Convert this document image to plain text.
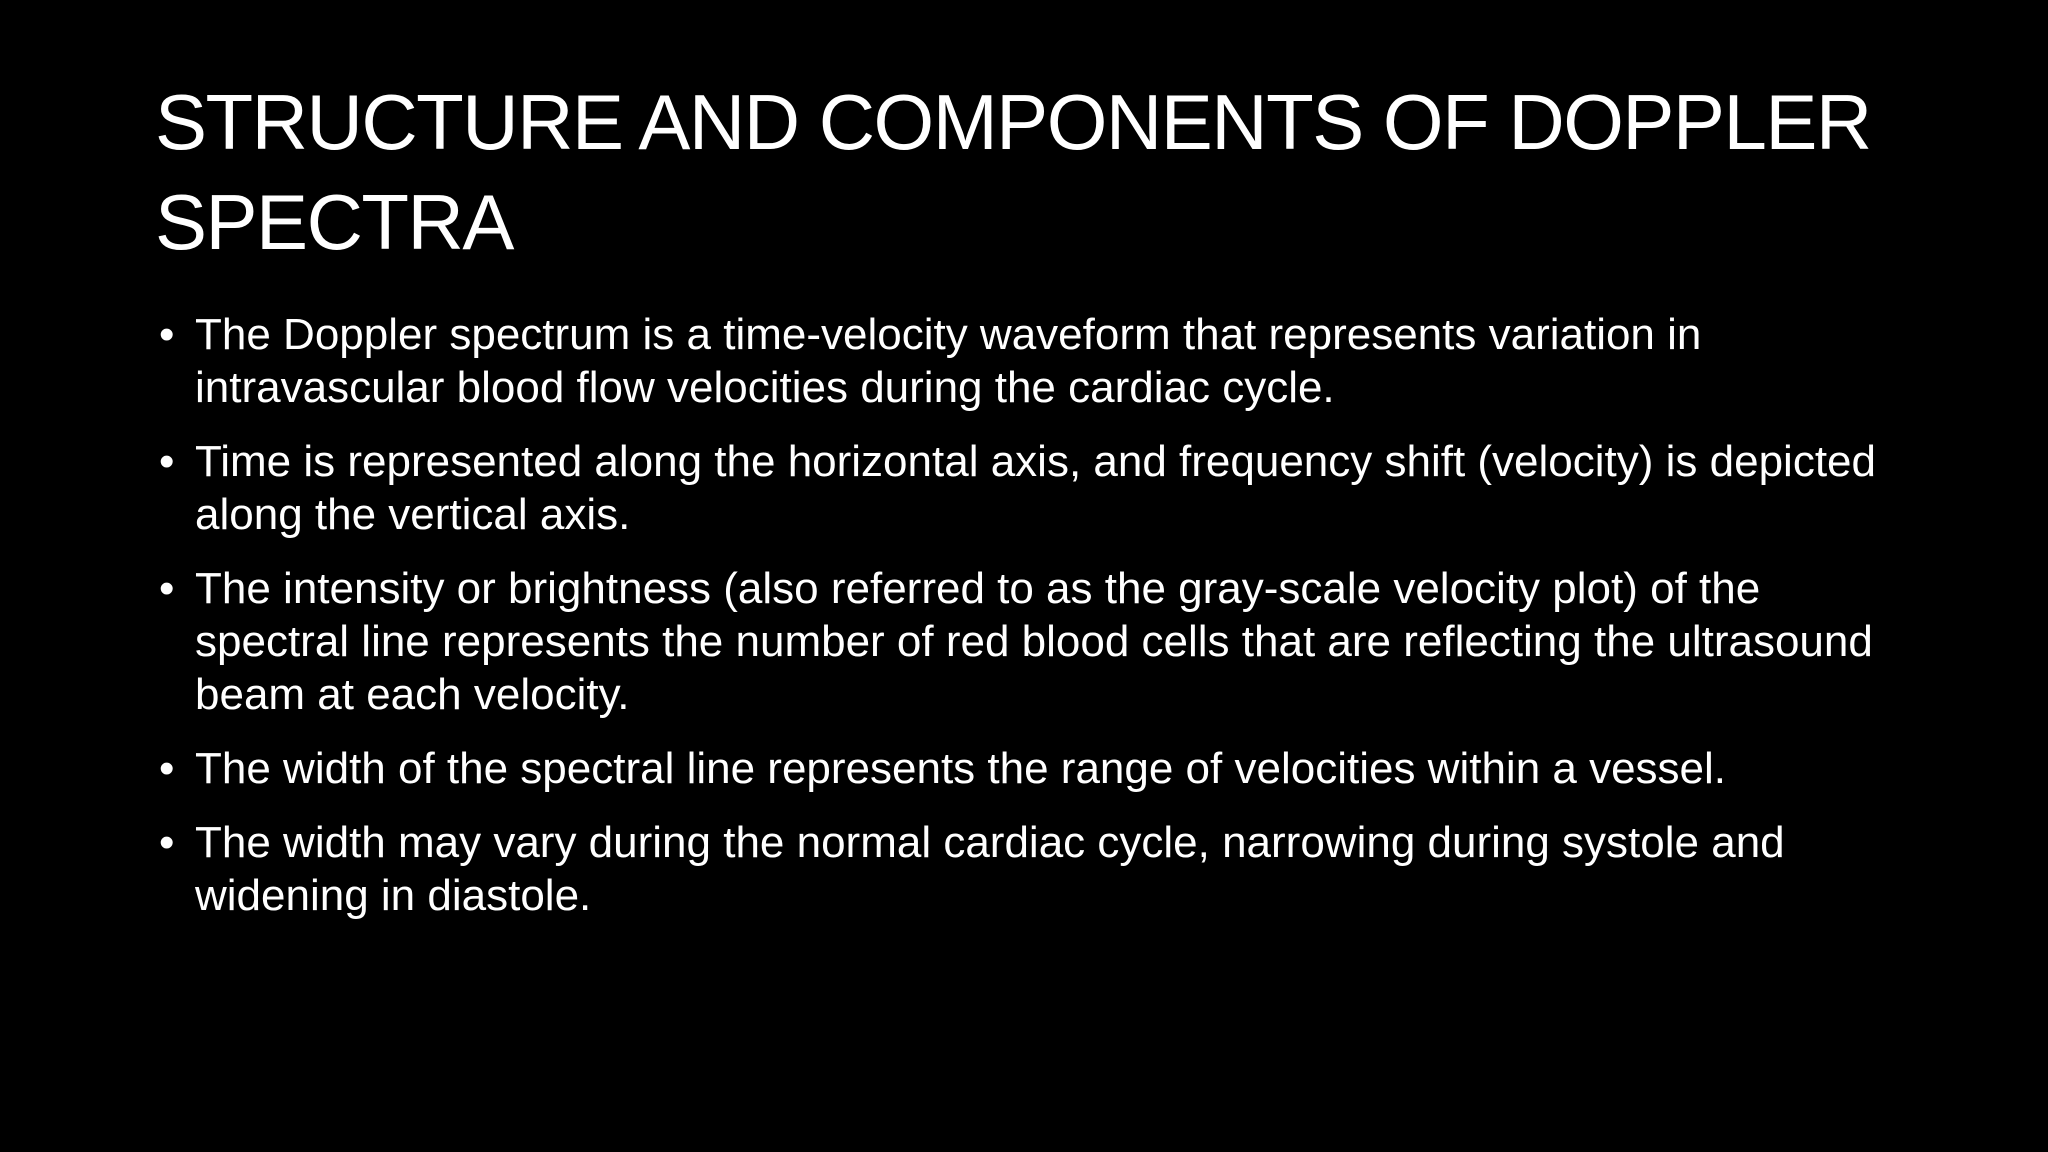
STRUCTURE AND COMPONENTS OF DOPPLER SPECTRA
• The Doppler spectrum is a time-velocity waveform that represents variation in intravascular blood flow velocities during the cardiac cycle.
• Time is represented along the horizontal axis, and frequency shift (velocity) is depicted along the vertical axis.
• The intensity or brightness (also referred to as the gray-scale velocity plot) of the spectral line represents the number of red blood cells that are reflecting the ultrasound beam at each velocity.
• The width of the spectral line represents the range of velocities within a vessel.
• The width may vary during the normal cardiac cycle, narrowing during systole and widening in diastole.
